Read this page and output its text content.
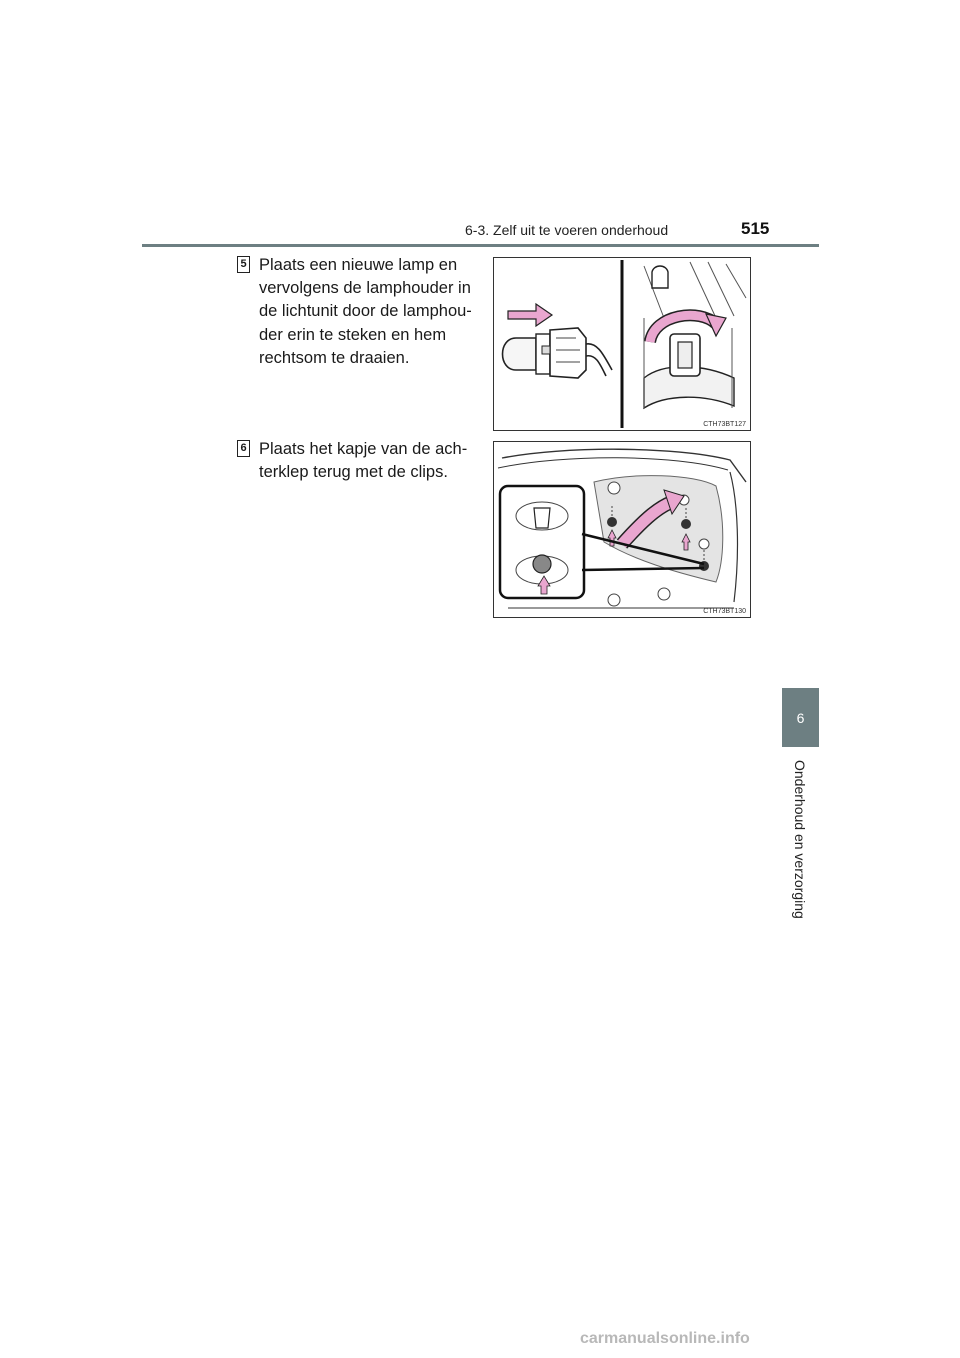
6-3. Zelf uit te voeren onderhoud	515
6
Onderhoud en verzorging
5 Plaats een nieuwe lamp en
vervolgens de lamphouder in
de lichtunit door de lamphou-
der erin te steken en hem
rechtsom te draaien.
CTH73BT127
6 Plaats het kapje van de ach-
terklep terug met de clips.
CTH73BT130
carmanualsonline.info
